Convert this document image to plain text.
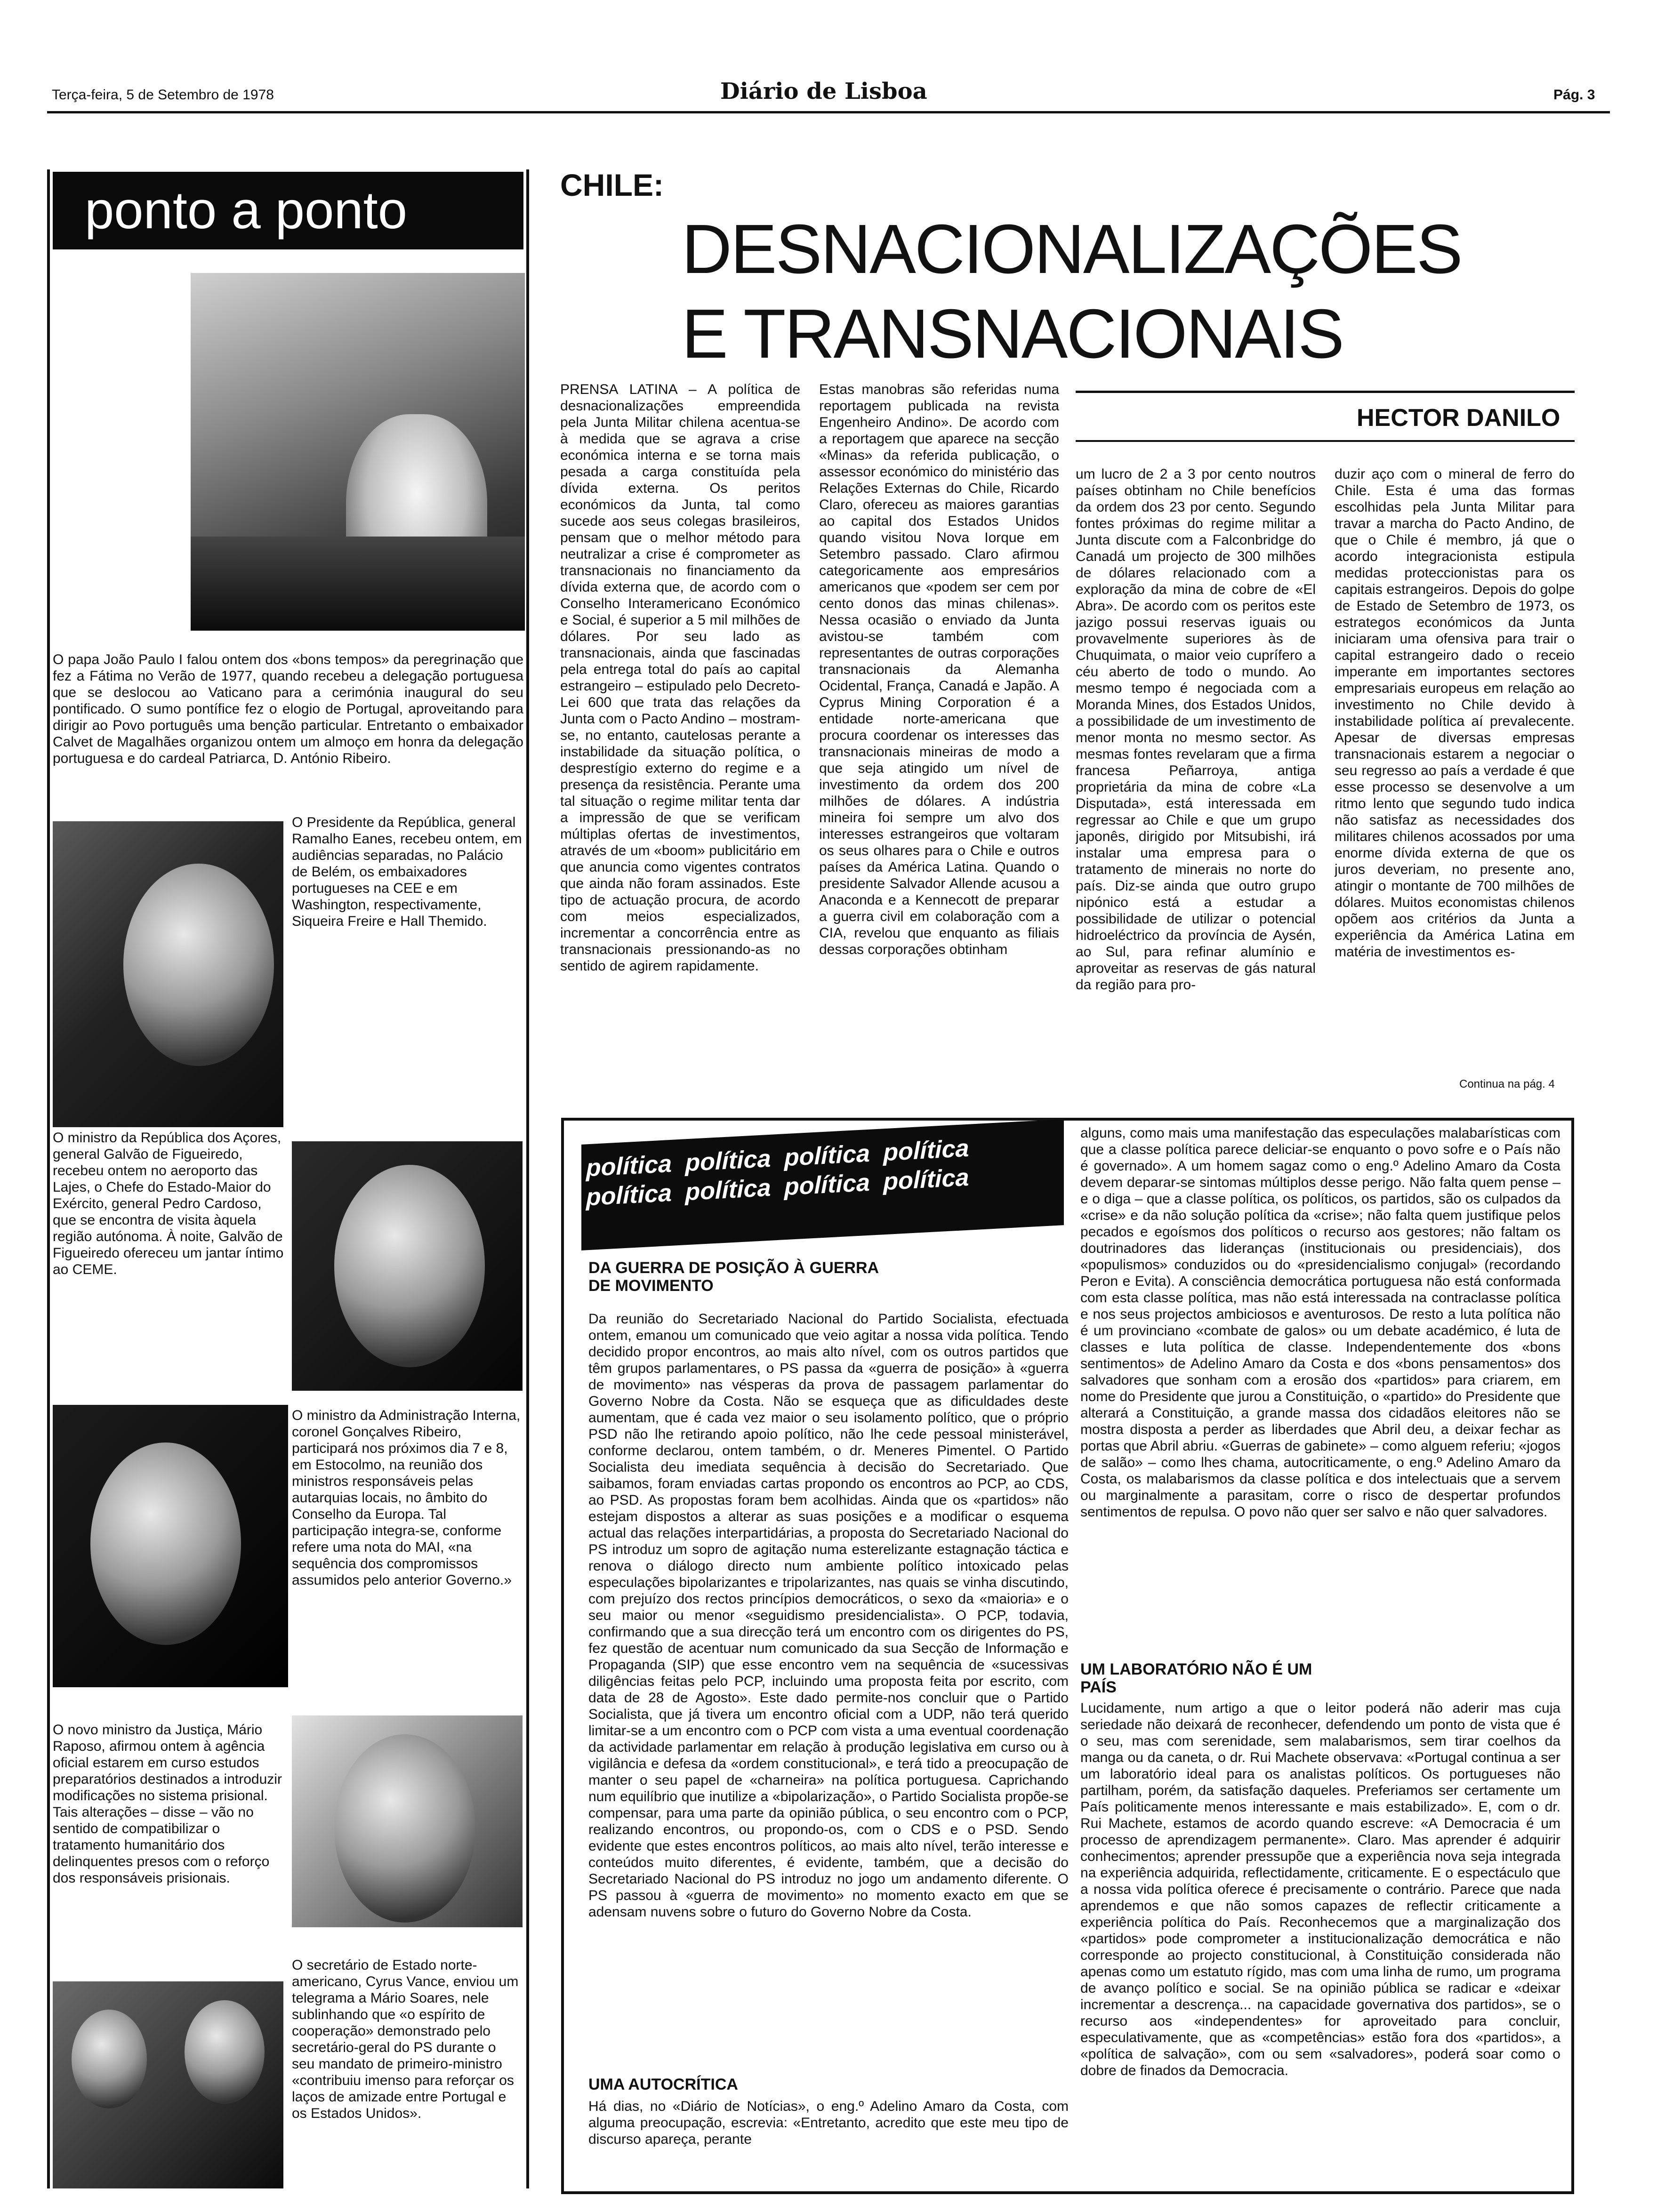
Terça-feira, 5 de Setembro de 1978	Diário de Lisboa	Pág. 3
ponto a ponto
O papa João Paulo I falou ontem dos «bons tempos» da peregrinação que fez a Fátima no Verão de 1977, quando recebeu a delegação portuguesa que se deslocou ao Vaticano para a cerimónia inaugural do seu pontificado. O sumo pontífice fez o elogio de Portugal, aproveitando para dirigir ao Povo português uma benção particular. Entretanto o embaixador Calvet de Magalhães organizou ontem um almoço em honra da delegação portuguesa e do cardeal Patriarca, D. António Ribeiro.
O Presidente da República, general Ramalho Eanes, recebeu ontem, em audiências separadas, no Palácio de Belém, os embaixadores portugueses na CEE e em Washington, respectivamente, Siqueira Freire e Hall Themido.
O ministro da República dos Açores, general Galvão de Figueiredo, recebeu ontem no aeroporto das Lajes, o Chefe do Estado-Maior do Exército, general Pedro Cardoso, que se encontra de visita àquela região autónoma. À noite, Galvão de Figueiredo ofereceu um jantar íntimo ao CEME.
O ministro da Administração Interna, coronel Gonçalves Ribeiro, participará nos próximos dia 7 e 8, em Estocolmo, na reunião dos ministros responsáveis pelas autarquias locais, no âmbito do Conselho da Europa. Tal participação integra-se, conforme refere uma nota do MAI, «na sequência dos compromissos assumidos pelo anterior Governo.»
O novo ministro da Justiça, Mário Raposo, afirmou ontem à agência oficial estarem em curso estudos preparatórios destinados a introduzir modificações no sistema prisional. Tais alterações – disse – vão no sentido de compatibilizar o tratamento humanitário dos delinquentes presos com o reforço dos responsáveis prisionais.
O secretário de Estado norte-americano, Cyrus Vance, enviou um telegrama a Mário Soares, nele sublinhando que «o espírito de cooperação» demonstrado pelo secretário-geral do PS durante o seu mandato de primeiro-ministro «contribuiu imenso para reforçar os laços de amizade entre Portugal e os Estados Unidos».
CHILE:
DESNACIONALIZAÇÕES
E TRANSNACIONAIS
HECTOR DANILO
PRENSA LATINA – A política de desnacionalizações empreendida pela Junta Militar chilena acentua-se à medida que se agrava a crise económica interna e se torna mais pesada a carga constituída pela dívida externa. Os peritos económicos da Junta, tal como sucede aos seus colegas brasileiros, pensam que o melhor método para neutralizar a crise é comprometer as transnacionais no financiamento da dívida externa que, de acordo com o Conselho Interamericano Económico e Social, é superior a 5 mil milhões de dólares. Por seu lado as transnacionais, ainda que fascinadas pela entrega total do país ao capital estrangeiro – estipulado pelo Decreto-Lei 600 que trata das relações da Junta com o Pacto Andino – mostram-se, no entanto, cautelosas perante a instabilidade da situação política, o desprestígio externo do regime e a presença da resistência. Perante uma tal situação o regime militar tenta dar a impressão de que se verificam múltiplas ofertas de investimentos, através de um «boom» publicitário em que anuncia como vigentes contratos que ainda não foram assinados. Este tipo de actuação procura, de acordo com meios especializados, incrementar a concorrência entre as transnacionais pressionando-as no sentido de agirem rapidamente.
Estas manobras são referidas numa reportagem publicada na revista Engenheiro Andino». De acordo com a reportagem que aparece na secção «Minas» da referida publicação, o assessor económico do ministério das Relações Externas do Chile, Ricardo Claro, ofereceu as maiores garantias ao capital dos Estados Unidos quando visitou Nova Iorque em Setembro passado. Claro afirmou categoricamente aos empresários americanos que «podem ser cem por cento donos das minas chilenas». Nessa ocasião o enviado da Junta avistou-se também com representantes de outras corporações transnacionais da Alemanha Ocidental, França, Canadá e Japão. A Cyprus Mining Corporation é a entidade norte-americana que procura coordenar os interesses das transnacionais mineiras de modo a que seja atingido um nível de investimento da ordem dos 200 milhões de dólares. A indústria mineira foi sempre um alvo dos interesses estrangeiros que voltaram os seus olhares para o Chile e outros países da América Latina. Quando o presidente Salvador Allende acusou a Anaconda e a Kennecott de preparar a guerra civil em colaboração com a CIA, revelou que enquanto as filiais dessas corporações obtinham
um lucro de 2 a 3 por cento noutros países obtinham no Chile benefícios da ordem dos 23 por cento. Segundo fontes próximas do regime militar a Junta discute com a Falconbridge do Canadá um projecto de 300 milhões de dólares relacionado com a exploração da mina de cobre de «El Abra». De acordo com os peritos este jazigo possui reservas iguais ou provavelmente superiores às de Chuquimata, o maior veio cuprífero a céu aberto de todo o mundo. Ao mesmo tempo é negociada com a Moranda Mines, dos Estados Unidos, a possibilidade de um investimento de menor monta no mesmo sector. As mesmas fontes revelaram que a firma francesa Peñarroya, antiga proprietária da mina de cobre «La Disputada», está interessada em regressar ao Chile e que um grupo japonês, dirigido por Mitsubishi, irá instalar uma empresa para o tratamento de minerais no norte do país. Diz-se ainda que outro grupo nipónico está a estudar a possibilidade de utilizar o potencial hidroeléctrico da província de Aysén, ao Sul, para refinar alumínio e aproveitar as reservas de gás natural da região para pro-
duzir aço com o mineral de ferro do Chile. Esta é uma das formas escolhidas pela Junta Militar para travar a marcha do Pacto Andino, de que o Chile é membro, já que o acordo integracionista estipula medidas proteccionistas para os capitais estrangeiros. Depois do golpe de Estado de Setembro de 1973, os estrategos económicos da Junta iniciaram uma ofensiva para trair o capital estrangeiro dado o receio imperante em importantes sectores empresariais europeus em relação ao investimento no Chile devido à instabilidade política aí prevalecente. Apesar de diversas empresas transnacionais estarem a negociar o seu regresso ao país a verdade é que esse processo se desenvolve a um ritmo lento que segundo tudo indica não satisfaz as necessidades dos militares chilenos acossados por uma enorme dívida externa de que os juros deveriam, no presente ano, atingir o montante de 700 milhões de dólares. Muitos economistas chilenos opõem aos critérios da Junta a experiência da América Latina em matéria de investimentos es-
Continua na pág. 4
política política política política política política política política
DA GUERRA DE POSIÇÃO À GUERRA DE MOVIMENTO
Da reunião do Secretariado Nacional do Partido Socialista, efectuada ontem, emanou um comunicado que veio agitar a nossa vida política. Tendo decidido propor encontros, ao mais alto nível, com os outros partidos que têm grupos parlamentares, o PS passa da «guerra de posição» à «guerra de movimento» nas vésperas da prova de passagem parlamentar do Governo Nobre da Costa. Não se esqueça que as dificuldades deste aumentam, que é cada vez maior o seu isolamento político, que o próprio PSD não lhe retirando apoio político, não lhe cede pessoal ministerável, conforme declarou, ontem também, o dr. Meneres Pimentel. O Partido Socialista deu imediata sequência à decisão do Secretariado. Que saibamos, foram enviadas cartas propondo os encontros ao PCP, ao CDS, ao PSD. As propostas foram bem acolhidas. Ainda que os «partidos» não estejam dispostos a alterar as suas posições e a modificar o esquema actual das relações interpartidárias, a proposta do Secretariado Nacional do PS introduz um sopro de agitação numa esterelizante estagnação táctica e renova o diálogo directo num ambiente político intoxicado pelas especulações bipolarizantes e tripolarizantes, nas quais se vinha discutindo, com prejuízo dos rectos princípios democráticos, o sexo da «maioria» e o seu maior ou menor «seguidismo presidencialista». O PCP, todavia, confirmando que a sua direcção terá um encontro com os dirigentes do PS, fez questão de acentuar num comunicado da sua Secção de Informação e Propaganda (SIP) que esse encontro vem na sequência de «sucessivas diligências feitas pelo PCP, incluindo uma proposta feita por escrito, com data de 28 de Agosto». Este dado permite-nos concluir que o Partido Socialista, que já tivera um encontro oficial com a UDP, não terá querido limitar-se a um encontro com o PCP com vista a uma eventual coordenação da actividade parlamentar em relação à produção legislativa em curso ou à vigilância e defesa da «ordem constitucional», e terá tido a preocupação de manter o seu papel de «charneira» na política portuguesa. Caprichando num equilíbrio que inutilize a «bipolarização», o Partido Socialista propõe-se compensar, para uma parte da opinião pública, o seu encontro com o PCP, realizando encontros, ou propondo-os, com o CDS e o PSD. Sendo evidente que estes encontros políticos, ao mais alto nível, terão interesse e conteúdos muito diferentes, é evidente, também, que a decisão do Secretariado Nacional do PS introduz no jogo um andamento diferente. O PS passou à «guerra de movimento» no momento exacto em que se adensam nuvens sobre o futuro do Governo Nobre da Costa.
UMA AUTOCRÍTICA
Há dias, no «Diário de Notícias», o eng.º Adelino Amaro da Costa, com alguma preocupação, escrevia: «Entretanto, acredito que este meu tipo de discurso apareça, perante
alguns, como mais uma manifestação das especulações malabarísticas com que a classe política parece deliciar-se enquanto o povo sofre e o País não é governado». A um homem sagaz como o eng.º Adelino Amaro da Costa devem deparar-se sintomas múltiplos desse perigo. Não falta quem pense – e o diga – que a classe política, os políticos, os partidos, são os culpados da «crise» e da não solução política da «crise»; não falta quem justifique pelos pecados e egoísmos dos políticos o recurso aos gestores; não faltam os doutrinadores das lideranças (institucionais ou presidenciais), dos «populismos» conduzidos ou do «presidencialismo conjugal» (recordando Peron e Evita). A consciência democrática portuguesa não está conformada com esta classe política, mas não está interessada na contraclasse política e nos seus projectos ambiciosos e aventurosos. De resto a luta política não é um provinciano «combate de galos» ou um debate académico, é luta de classes e luta política de classe. Independentemente dos «bons sentimentos» de Adelino Amaro da Costa e dos «bons pensamentos» dos salvadores que sonham com a erosão dos «partidos» para criarem, em nome do Presidente que jurou a Constituição, o «partido» do Presidente que alterará a Constituição, a grande massa dos cidadãos eleitores não se mostra disposta a perder as liberdades que Abril deu, a deixar fechar as portas que Abril abriu. «Guerras de gabinete» – como alguem referiu; «jogos de salão» – como lhes chama, autocriticamente, o eng.º Adelino Amaro da Costa, os malabarismos da classe política e dos intelectuais que a servem ou marginalmente a parasitam, corre o risco de despertar profundos sentimentos de repulsa. O povo não quer ser salvo e não quer salvadores.
UM LABORATÓRIO NÃO É UM PAÍS
Lucidamente, num artigo a que o leitor poderá não aderir mas cuja seriedade não deixará de reconhecer, defendendo um ponto de vista que é o seu, mas com serenidade, sem malabarismos, sem tirar coelhos da manga ou da caneta, o dr. Rui Machete observava: «Portugal continua a ser um laboratório ideal para os analistas políticos. Os portugueses não partilham, porém, da satisfação daqueles. Preferiamos ser certamente um País politicamente menos interessante e mais estabilizado». E, com o dr. Rui Machete, estamos de acordo quando escreve: «A Democracia é um processo de aprendizagem permanente». Claro. Mas aprender é adquirir conhecimentos; aprender pressupõe que a experiência nova seja integrada na experiência adquirida, reflectidamente, criticamente. E o espectáculo que a nossa vida política oferece é precisamente o contrário. Parece que nada aprendemos e que não somos capazes de reflectir criticamente a experiência política do País. Reconhecemos que a marginalização dos «partidos» pode comprometer a institucionalização democrática e não corresponde ao projecto constitucional, à Constituição considerada não apenas como um estatuto rígido, mas com uma linha de rumo, um programa de avanço político e social. Se na opinião pública se radicar e «deixar incrementar a descrença... na capacidade governativa dos partidos», se o recurso aos «independentes» for aproveitado para concluir, especulativamente, que as «competências» estão fora dos «partidos», a «política de salvação», com ou sem «salvadores», poderá soar como o dobre de finados da Democracia.
